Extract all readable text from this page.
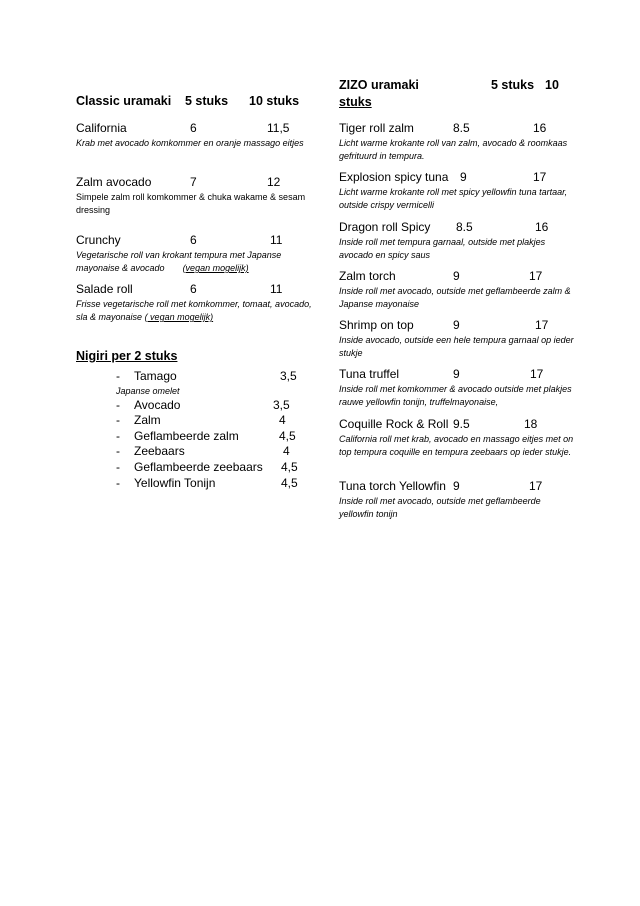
Classic uramaki 5 stuks 10 stuks
California	6	11,5
Krab met avocado komkommer en oranje massago eitjes
Zalm avocado	7	12
Simpele zalm roll komkommer & chuka wakame & sesam dressing
Crunchy	6	11
Vegetarische roll van krokant tempura met Japanse mayonaise & avocado (vegan mogelijk)
Salade roll	6	11
Frisse vegetarische roll met komkommer, tomaat, avocado, sla & mayonaise ( vegan mogelijk)
Nigiri per 2 stuks
- Tamago	3,5
Japanse omelet
- Avocado	3,5
- Zalm	4
- Geflambeerde zalm	4,5
- Zeebaars	4
- Geflambeerde zeebaars 4,5
- Yellowfin Tonijn	4,5
ZIZO uramaki	5 stuks 10
stuks
Tiger roll zalm	8.5	16
Licht warme krokante roll van zalm, avocado & roomkaas gefrituurd in tempura.
Explosion spicy tuna 9	17
Licht warme krokante roll met spicy yellowfin tuna tartaar, outside crispy vermicelli
Dragon roll Spicy 8.5	16
Inside roll met tempura garnaal, outside met plakjes avocado en spicy saus
Zalm torch	9	17
Inside roll met avocado, outside met geflambeerde zalm & Japanse mayonaise
Shrimp on top	9	17
Inside avocado, outside een hele tempura garnaal op ieder stukje
Tuna truffel	9	17
Inside roll met komkommer & avocado outside met plakjes rauwe yellowfin tonijn, truffelmayonaise,
Coquille Rock & Roll 9.5	18
California roll met krab, avocado en massago eitjes met on top tempura coquille en tempura zeebaars op ieder stukje.
Tuna torch Yellowfin 9	17
Inside roll met avocado, outside met geflambeerde yellowfin tonijn
